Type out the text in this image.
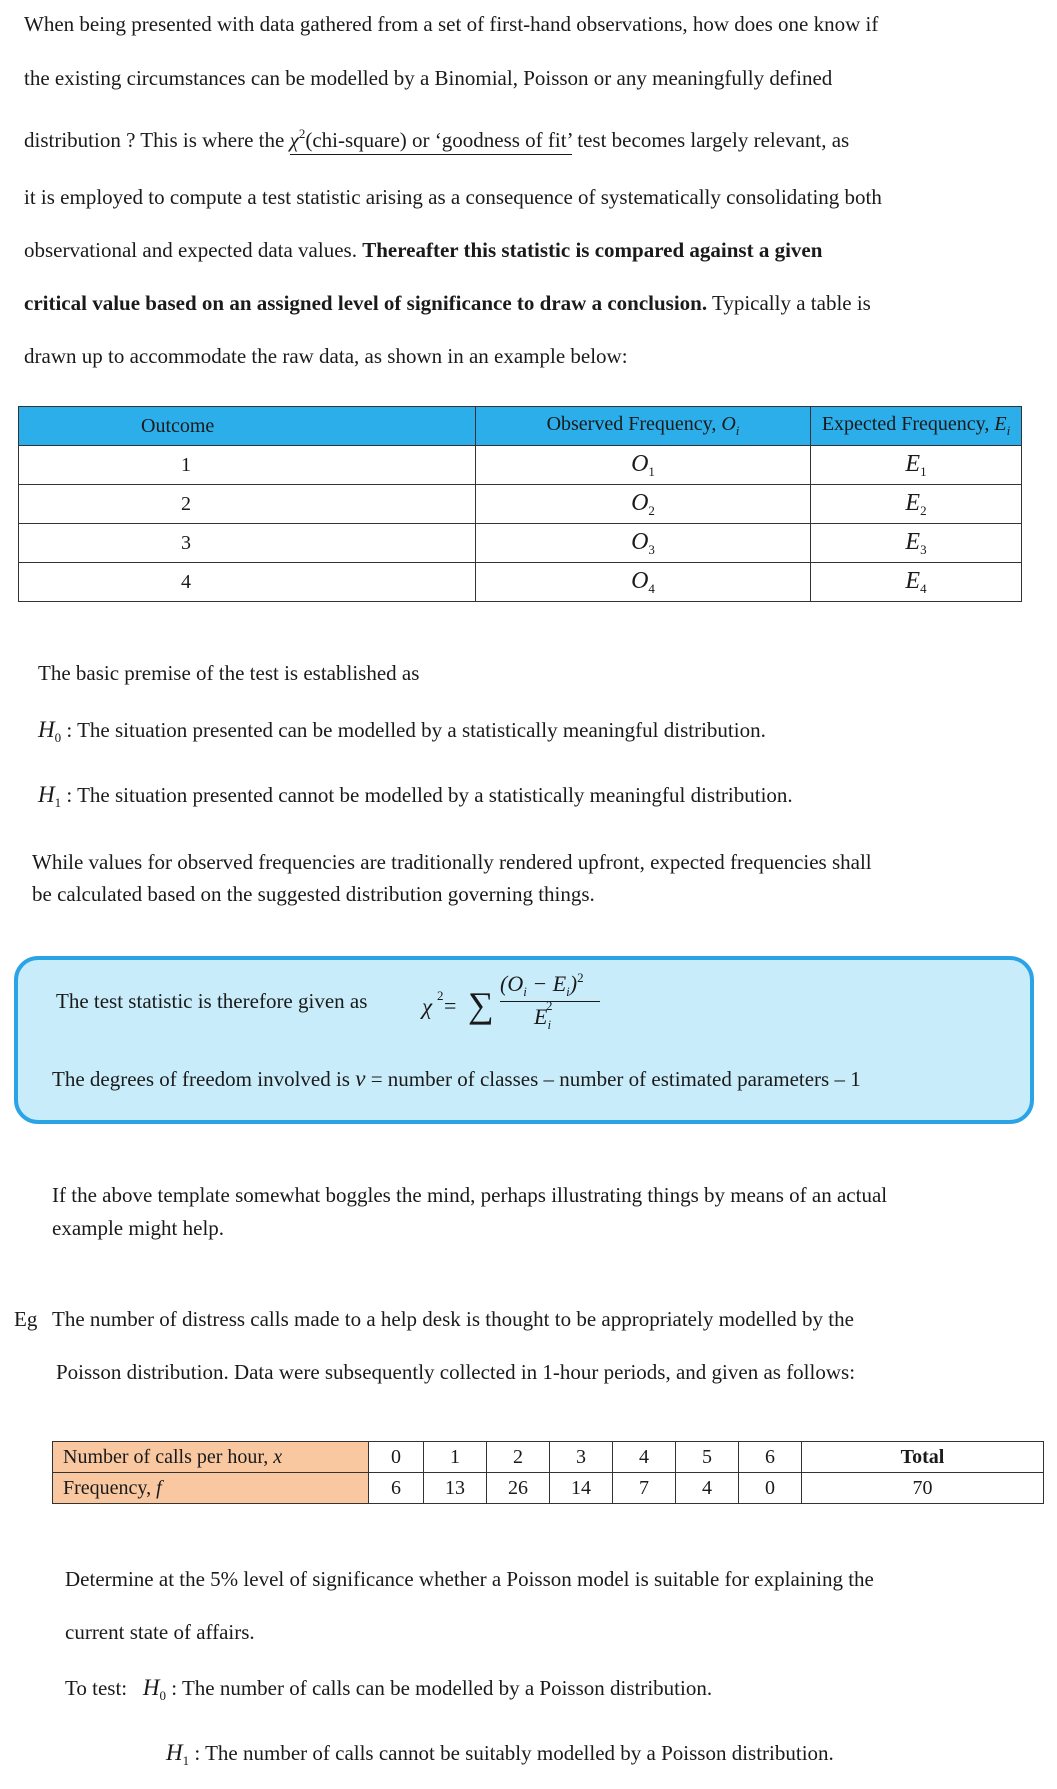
When being presented with data gathered from a set of first-hand observations, how does one know if
the existing circumstances can be modelled by a Binomial, Poisson or any meaningfully defined
distribution ? This is where the $\chi^2(chi-square)$ or ‘goodness of fit’ test becomes largely relevant, as
it is employed to compute a test statistic arising as a consequence of systematically consolidating both
observational and expected data values. Thereafter this statistic is compared against a given
critical value based on an assigned level of significance to draw a conclusion. Typically a table is
drawn up to accommodate the raw data, as shown in an example below:
Outcome	Observed Frequency, $O_i$	Expected Frequency, $E_i$
1	$O_1$	$E_1$
2	$O_2$	$E_2$
3	$O_3$	$E_3$
4	$O_4$	$E_4$
The basic premise of the test is established as
$H_0$ : The situation presented can be modelled by a statistically meaningful distribution.
$H_1$ : The situation presented cannot be modelled by a statistically meaningful distribution.
While values for observed frequencies are traditionally rendered upfront, expected frequencies shall
be calculated based on the suggested distribution governing things.
The test statistic is therefore given as χ 2 = ∑
$(O_i - E_i)^2$
$E_i$
2
The degrees of freedom involved is ν = number of classes – number of estimated parameters – 1
If the above template somewhat boggles the mind, perhaps illustrating things by means of an actual
example might help.
Eg The number of distress calls made to a help desk is thought to be appropriately modelled by the
Poisson distribution. Data were subsequently collected in 1-hour periods, and given as follows:
Number of calls per hour, x	0	1	2	3	4	5	6	Total
Frequency, f	6	13	26	14	7	4	0	70
Determine at the 5% level of significance whether a Poisson model is suitable for explaining the
current state of affairs.
To test: $H_0$ : The number of calls can be modelled by a Poisson distribution.
$H_1$ : The number of calls cannot be suitably modelled by a Poisson distribution.
